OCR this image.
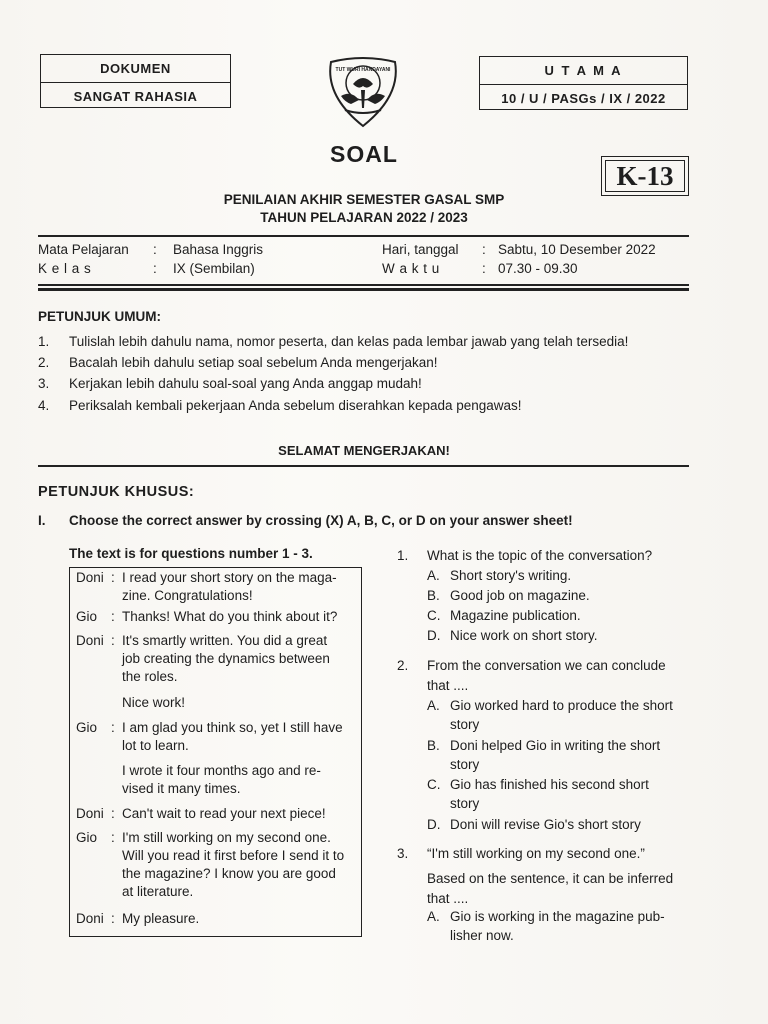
DOKUMEN
SANGAT RAHASIA
TUT WURI HANDAYANI	U T A M A
10 / U / PASGs / IX / 2022
SOAL
K-13
PENILAIAN AKHIR SEMESTER GASAL SMP
TAHUN PELAJARAN 2022 / 2023
Mata Pelajaran : Bahasa Inggris
K e l a s	: IX (Sembilan)
Hari, tanggal : Sabtu, 10 Desember 2022
W a k t u	: 07.30 - 09.30
PETUNJUK UMUM:
1. Tulislah lebih dahulu nama, nomor peserta, dan kelas pada lembar jawab yang telah tersedia!
2. Bacalah lebih dahulu setiap soal sebelum Anda mengerjakan!
3. Kerjakan lebih dahulu soal-soal yang Anda anggap mudah!
4. Periksalah kembali pekerjaan Anda sebelum diserahkan kepada pengawas!
SELAMAT MENGERJAKAN!
PETUNJUK KHUSUS:
I. Choose the correct answer by crossing (X) A, B, C, or D on your answer sheet!
The text is for questions number 1 - 3.
Doni : I read your short story on the maga-
zine. Congratulations!
Gio : Thanks! What do you think about it?
Doni : It's smartly written. You did a great
job creating the dynamics between
the roles.
Nice work!
Gio : I am glad you think so, yet I still have
lot to learn.
I wrote it four months ago and re-
vised it many times.
Doni : Can't wait to read your next piece!
Gio : I'm still working on my second one.
Will you read it first before I send it to
the magazine? I know you are good
at literature.
Doni : My pleasure.
1. What is the topic of the conversation?
A. Short story's writing.
B. Good job on magazine.
C. Magazine publication.
D. Nice work on short story.
2. From the conversation we can conclude
that ....
A. Gio worked hard to produce the short
story
B. Doni helped Gio in writing the short
story
C. Gio has finished his second short
story
D. Doni will revise Gio's short story
3. “I'm still working on my second one.”
Based on the sentence, it can be inferred
that ....
A. Gio is working in the magazine pub-
lisher now.
